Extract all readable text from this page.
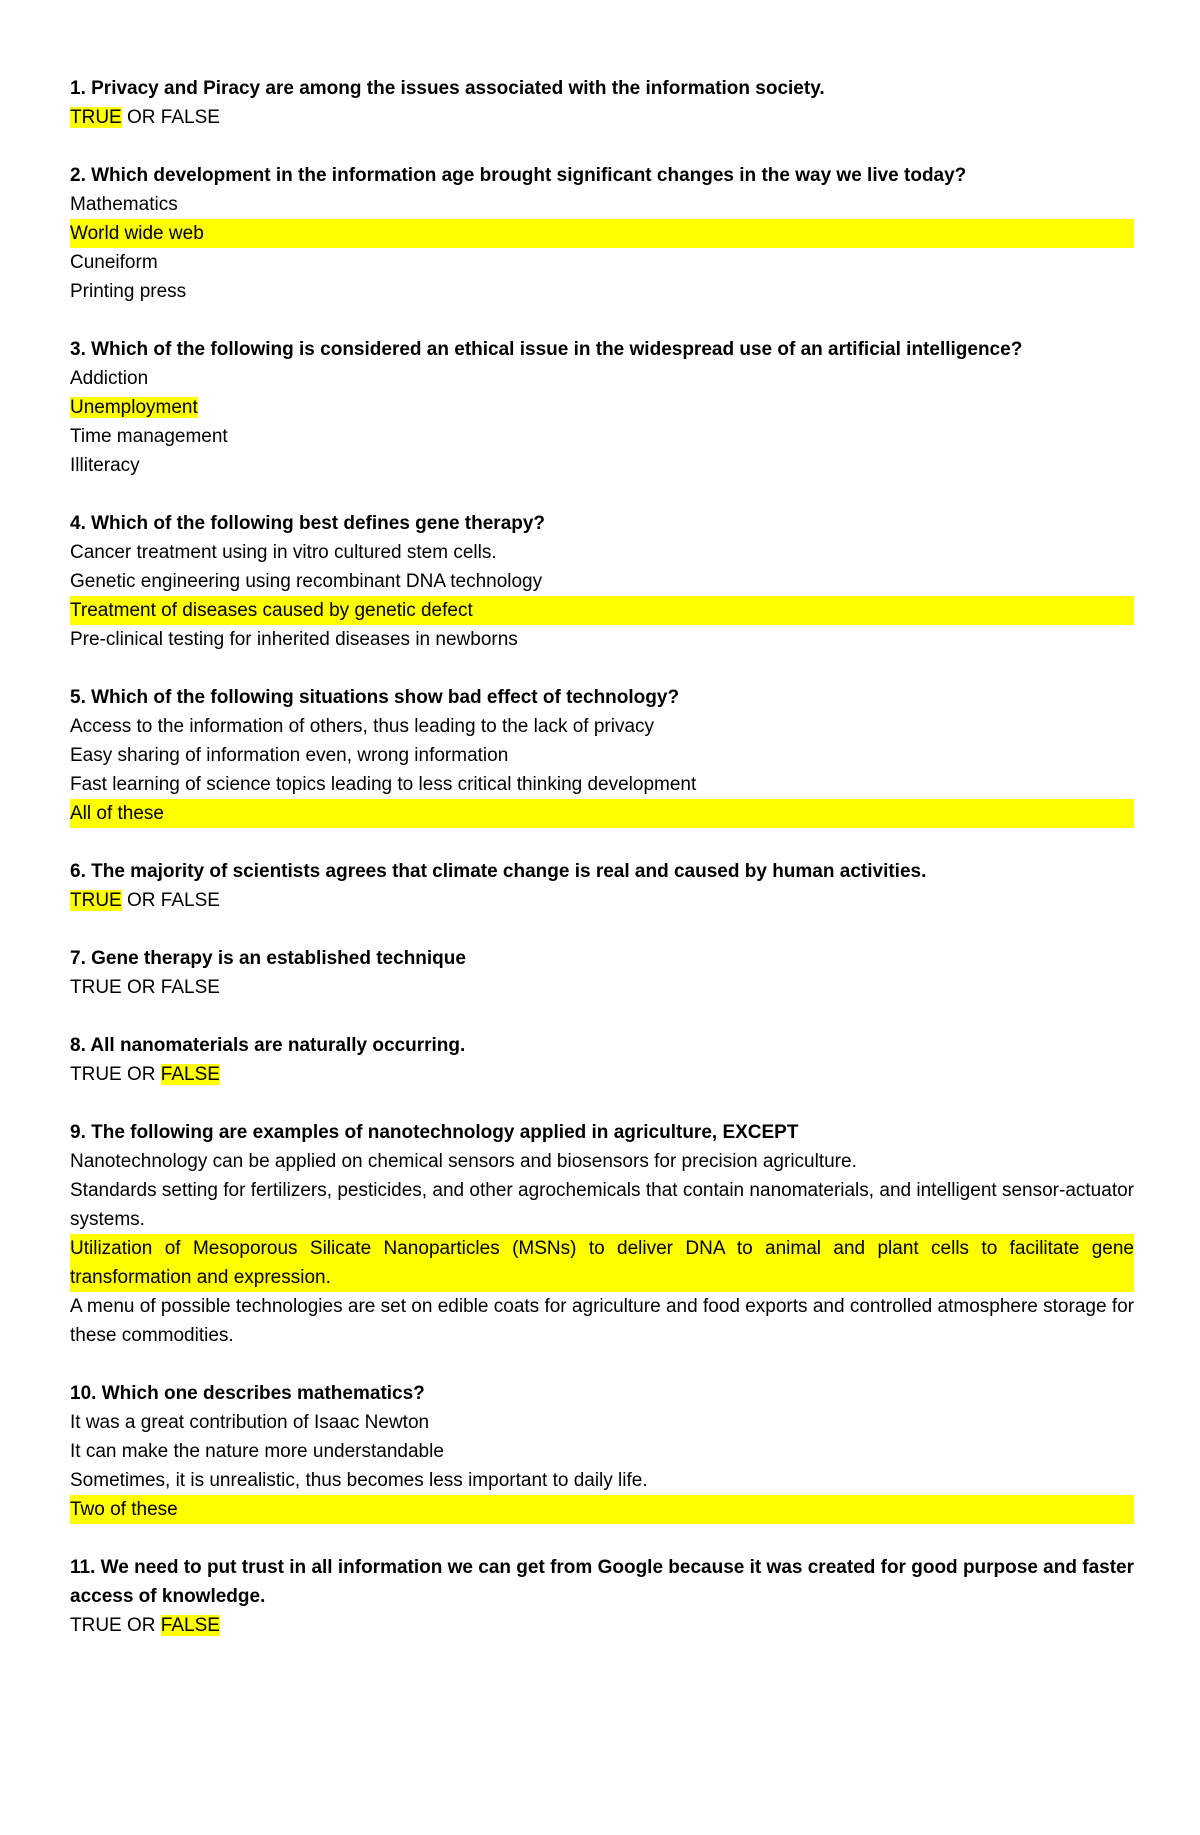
1. Privacy and Piracy are among the issues associated with the information society.
TRUE OR FALSE
2. Which development in the information age brought significant changes in the way we live today?
Mathematics
World wide web
Cuneiform
Printing press
3. Which of the following is considered an ethical issue in the widespread use of an artificial intelligence?
Addiction
Unemployment
Time management
Illiteracy
4. Which of the following best defines gene therapy?
Cancer treatment using in vitro cultured stem cells.
Genetic engineering using recombinant DNA technology
Treatment of diseases caused by genetic defect
Pre-clinical testing for inherited diseases in newborns
5. Which of the following situations show bad effect of technology?
Access to the information of others, thus leading to the lack of privacy
Easy sharing of information even, wrong information
Fast learning of science topics leading to less critical thinking development
All of these
6. The majority of scientists agrees that climate change is real and caused by human activities.
TRUE OR FALSE
7. Gene therapy is an established technique
TRUE OR FALSE
8. All nanomaterials are naturally occurring.
TRUE OR FALSE
9. The following are examples of nanotechnology applied in agriculture, EXCEPT
Nanotechnology can be applied on chemical sensors and biosensors for precision agriculture.
Standards setting for fertilizers, pesticides, and other agrochemicals that contain nanomaterials, and intelligent sensor-actuator systems.
Utilization of Mesoporous Silicate Nanoparticles (MSNs) to deliver DNA to animal and plant cells to facilitate gene transformation and expression.
A menu of possible technologies are set on edible coats for agriculture and food exports and controlled atmosphere storage for these commodities.
10. Which one describes mathematics?
It was a great contribution of Isaac Newton
It can make the nature more understandable
Sometimes, it is unrealistic, thus becomes less important to daily life.
Two of these
11. We need to put trust in all information we can get from Google because it was created for good purpose and faster access of knowledge.
TRUE OR FALSE
